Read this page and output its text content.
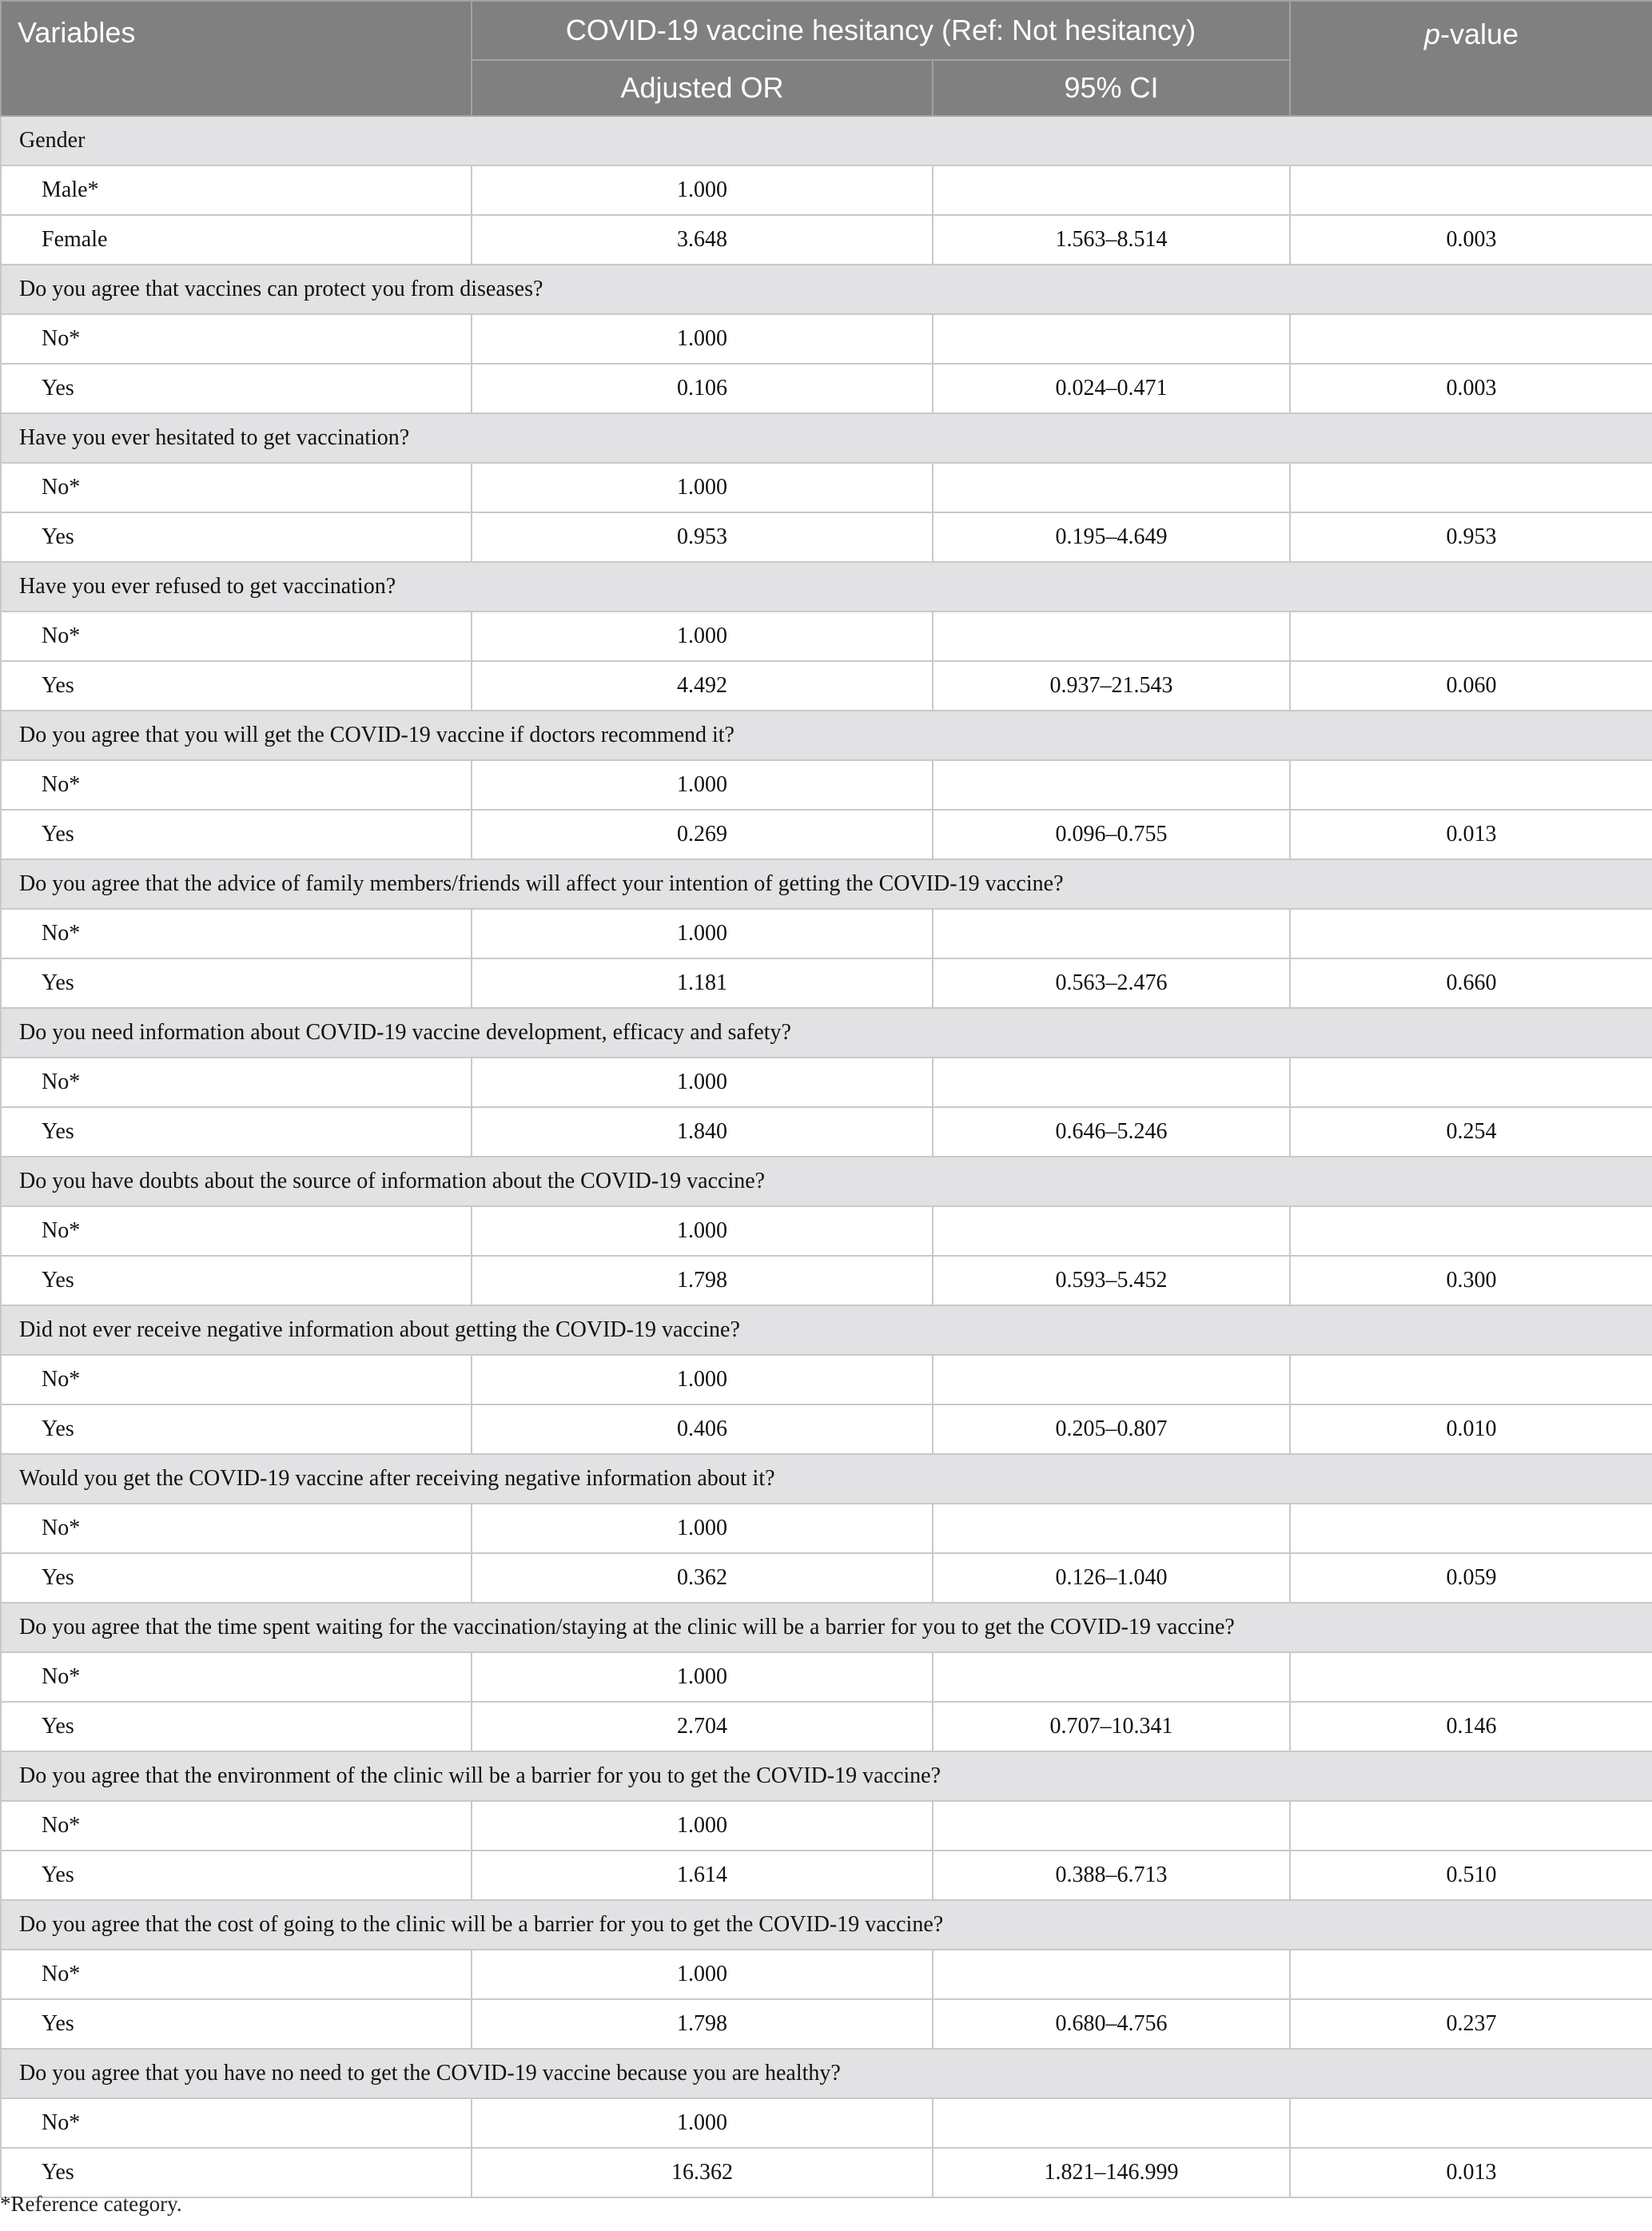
Variables	COVID-19 vaccine hesitancy (Ref: Not hesitancy)		p-value
	Adjusted OR	95% CI	
Gender			
Male*	1.000		
Female	3.648	1.563–8.514	0.003
Do you agree that vaccines can protect you from diseases?			
No*	1.000		
Yes	0.106	0.024–0.471	0.003
Have you ever hesitated to get vaccination?			
No*	1.000		
Yes	0.953	0.195–4.649	0.953
Have you ever refused to get vaccination?			
No*	1.000		
Yes	4.492	0.937–21.543	0.060
Do you agree that you will get the COVID-19 vaccine if doctors recommend it?			
No*	1.000		
Yes	0.269	0.096–0.755	0.013
Do you agree that the advice of family members/friends will affect your intention of getting the COVID-19 vaccine?			
No*	1.000		
Yes	1.181	0.563–2.476	0.660
Do you need information about COVID-19 vaccine development, efficacy and safety?			
No*	1.000		
Yes	1.840	0.646–5.246	0.254
Do you have doubts about the source of information about the COVID-19 vaccine?			
No*	1.000		
Yes	1.798	0.593–5.452	0.300
Did not ever receive negative information about getting the COVID-19 vaccine?			
No*	1.000		
Yes	0.406	0.205–0.807	0.010
Would you get the COVID-19 vaccine after receiving negative information about it?			
No*	1.000		
Yes	0.362	0.126–1.040	0.059
Do you agree that the time spent waiting for the vaccination/staying at the clinic will be a barrier for you to get the COVID-19 vaccine?			
No*	1.000		
Yes	2.704	0.707–10.341	0.146
Do you agree that the environment of the clinic will be a barrier for you to get the COVID-19 vaccine?			
No*	1.000		
Yes	1.614	0.388–6.713	0.510
Do you agree that the cost of going to the clinic will be a barrier for you to get the COVID-19 vaccine?			
No*	1.000		
Yes	1.798	0.680–4.756	0.237
Do you agree that you have no need to get the COVID-19 vaccine because you are healthy?			
No*	1.000		
Yes	16.362	1.821–146.999	0.013
*Reference category.
